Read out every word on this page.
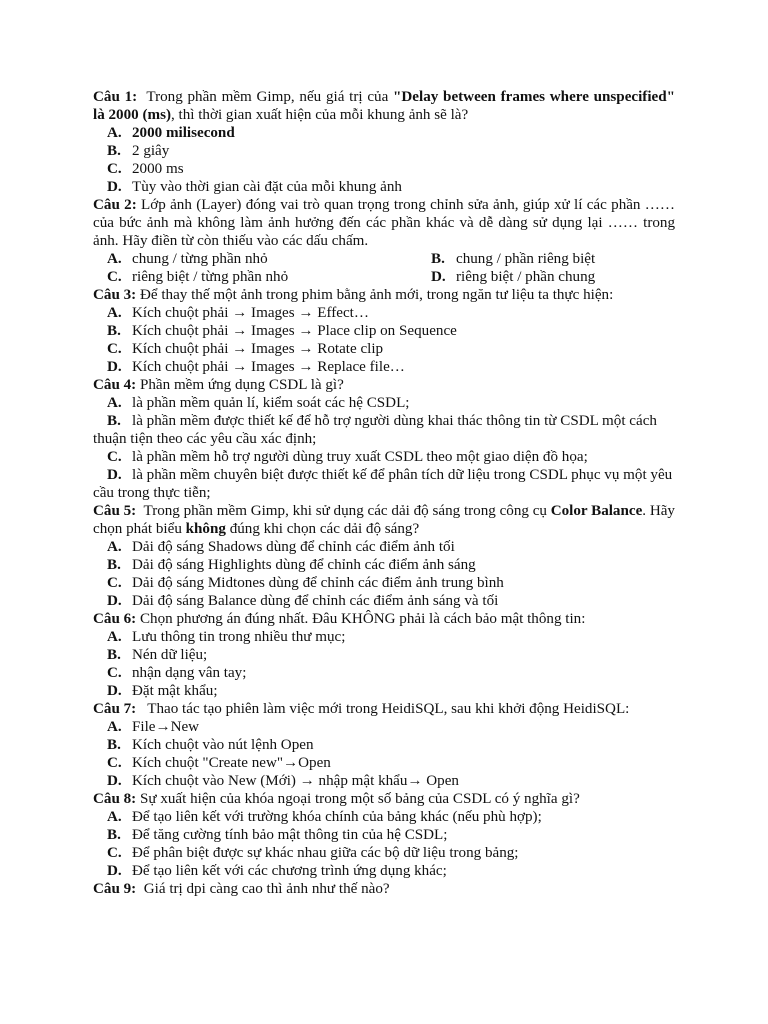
Câu 1: Trong phần mềm Gimp, nếu giá trị của "Delay between frames where unspecified" là 2000 (ms), thì thời gian xuất hiện của mỗi khung ảnh sẽ là?
A. 2000 milisecond
B. 2 giây
C. 2000 ms
D. Tùy vào thời gian cài đặt của mỗi khung ảnh
Câu 2: Lớp ảnh (Layer) đóng vai trò quan trọng trong chỉnh sửa ảnh, giúp xử lí các phần …… của bức ảnh mà không làm ảnh hưởng đến các phần khác và dễ dàng sử dụng lại …… trong ảnh. Hãy điền từ còn thiếu vào các dấu chấm.
A. chung / từng phần nhỏ	B. chung / phần riêng biệt
C. riêng biệt / từng phần nhỏ	D. riêng biệt / phần chung
Câu 3: Để thay thế một ảnh trong phim bằng ảnh mới, trong ngăn tư liệu ta thực hiện:
A. Kích chuột phải → Images → Effect…
B. Kích chuột phải → Images → Place clip on Sequence
C. Kích chuột phải → Images → Rotate clip
D. Kích chuột phải → Images → Replace file…
Câu 4: Phần mềm ứng dụng CSDL là gì?
A. là phần mềm quản lí, kiểm soát các hệ CSDL;
B. là phần mềm được thiết kế để hỗ trợ người dùng khai thác thông tin từ CSDL một cách thuận tiện theo các yêu cầu xác định;
C. là phần mềm hỗ trợ người dùng truy xuất CSDL theo một giao diện đồ họa;
D. là phần mềm chuyên biệt được thiết kế để phân tích dữ liệu trong CSDL phục vụ một yêu cầu trong thực tiễn;
Câu 5: Trong phần mềm Gimp, khi sử dụng các dải độ sáng trong công cụ Color Balance. Hãy chọn phát biểu không đúng khi chọn các dải độ sáng?
A. Dải độ sáng Shadows dùng để chỉnh các điểm ảnh tối
B. Dải độ sáng Highlights dùng để chỉnh các điểm ảnh sáng
C. Dải độ sáng Midtones dùng để chỉnh các điểm ảnh trung bình
D. Dải độ sáng Balance dùng để chỉnh các điểm ảnh sáng và tối
Câu 6: Chọn phương án đúng nhất. Đâu KHÔNG phải là cách bảo mật thông tin:
A. Lưu thông tin trong nhiều thư mục;
B. Nén dữ liệu;
C. nhận dạng vân tay;
D. Đặt mật khẩu;
Câu 7: Thao tác tạo phiên làm việc mới trong HeidiSQL, sau khi khởi động HeidiSQL:
A. File→New
B. Kích chuột vào nút lệnh Open
C. Kích chuột "Create new"→Open
D. Kích chuột vào New (Mới) → nhập mật khẩu→ Open
Câu 8: Sự xuất hiện của khóa ngoại trong một số bảng của CSDL có ý nghĩa gì?
A. Để tạo liên kết với trường khóa chính của bảng khác (nếu phù hợp);
B. Để tăng cường tính bảo mật thông tin của hệ CSDL;
C. Để phân biệt được sự khác nhau giữa các bộ dữ liệu trong bảng;
D. Để tạo liên kết với các chương trình ứng dụng khác;
Câu 9: Giá trị dpi càng cao thì ảnh như thế nào?
